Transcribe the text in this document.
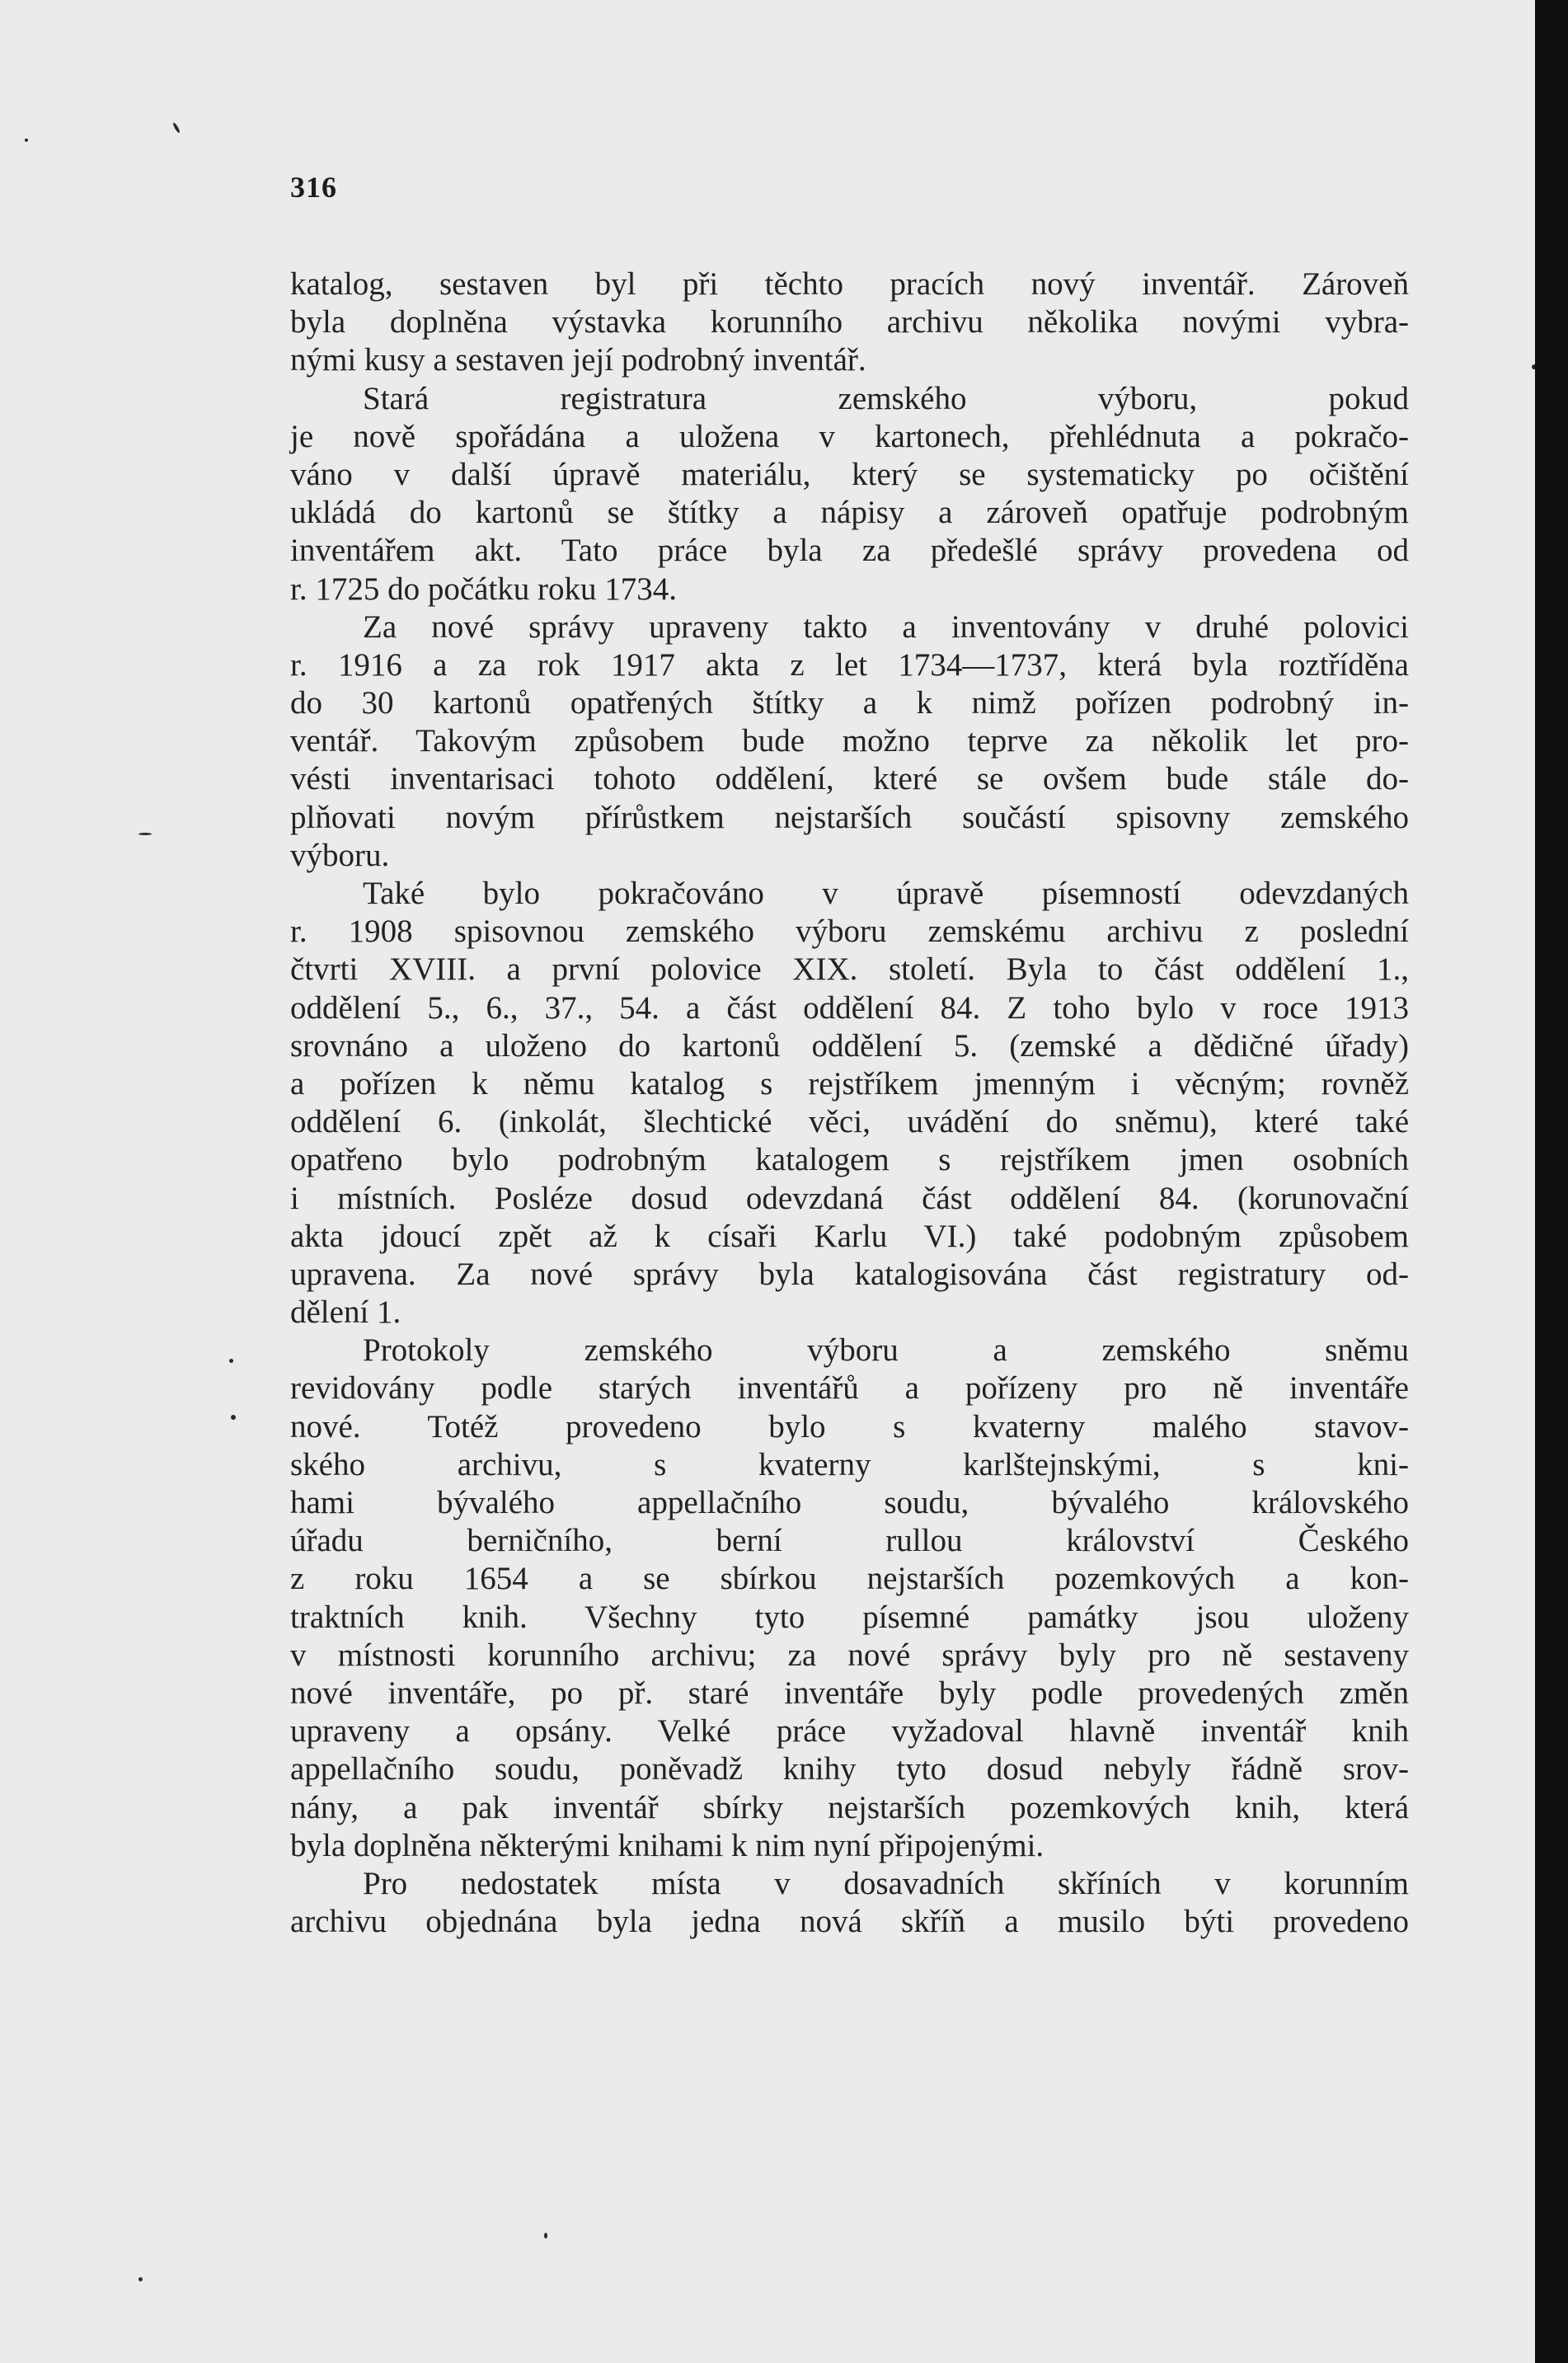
316
katalog, sestaven byl při těchto pracích nový inventář. Zároveň
byla doplněna výstavka korunního archivu několika novými vybra-
nými kusy a sestaven její podrobný inventář.
Stará registratura zemského výboru, pokud
je nově spořádána a uložena v kartonech, přehlédnuta a pokračo-
váno v další úpravě materiálu, který se systematicky po očištění
ukládá do kartonů se štítky a nápisy a zároveň opatřuje podrobným
inventářem akt. Tato práce byla za předešlé správy provedena od
r. 1725 do počátku roku 1734.
Za nové správy upraveny takto a inventovány v druhé polovici
r. 1916 a za rok 1917 akta z let 1734—1737, která byla roztříděna
do 30 kartonů opatřených štítky a k nimž pořízen podrobný in-
ventář. Takovým způsobem bude možno teprve za několik let pro-
vésti inventarisaci tohoto oddělení, které se ovšem bude stále do-
plňovati novým přírůstkem nejstarších součástí spisovny zemského
výboru.
Také bylo pokračováno v úpravě písemností odevzdaných
r. 1908 spisovnou zemského výboru zemskému archivu z poslední
čtvrti XVIII. a první polovice XIX. století. Byla to část oddělení 1.,
oddělení 5., 6., 37., 54. a část oddělení 84. Z toho bylo v roce 1913
srovnáno a uloženo do kartonů oddělení 5. (zemské a dědičné úřady)
a pořízen k němu katalog s rejstříkem jmenným i věcným; rovněž
oddělení 6. (inkolát, šlechtické věci, uvádění do sněmu), které také
opatřeno bylo podrobným katalogem s rejstříkem jmen osobních
i místních. Posléze dosud odevzdaná část oddělení 84. (korunovační
akta jdoucí zpět až k císaři Karlu VI.) také podobným způsobem
upravena. Za nové správy byla katalogisována část registratury od-
dělení 1.
Protokoly zemského výboru a zemského sněmu
revidovány podle starých inventářů a pořízeny pro ně inventáře
nové. Totéž provedeno bylo s kvaterny malého stavov-
ského archivu, s kvaterny karlštejnskými, s kni-
hami bývalého appellačního soudu, bývalého královského
úřadu berničního, berní rullou království Českého
z roku 1654 a se sbírkou nejstarších pozemkových a kon-
traktních knih. Všechny tyto písemné památky jsou uloženy
v místnosti korunního archivu; za nové správy byly pro ně sestaveny
nové inventáře, po př. staré inventáře byly podle provedených změn
upraveny a opsány. Velké práce vyžadoval hlavně inventář knih
appellačního soudu, poněvadž knihy tyto dosud nebyly řádně srov-
nány, a pak inventář sbírky nejstarších pozemkových knih, která
byla doplněna některými knihami k nim nyní připojenými.
Pro nedostatek místa v dosavadních skříních v korunním
archivu objednána byla jedna nová skříň a musilo býti provedeno
